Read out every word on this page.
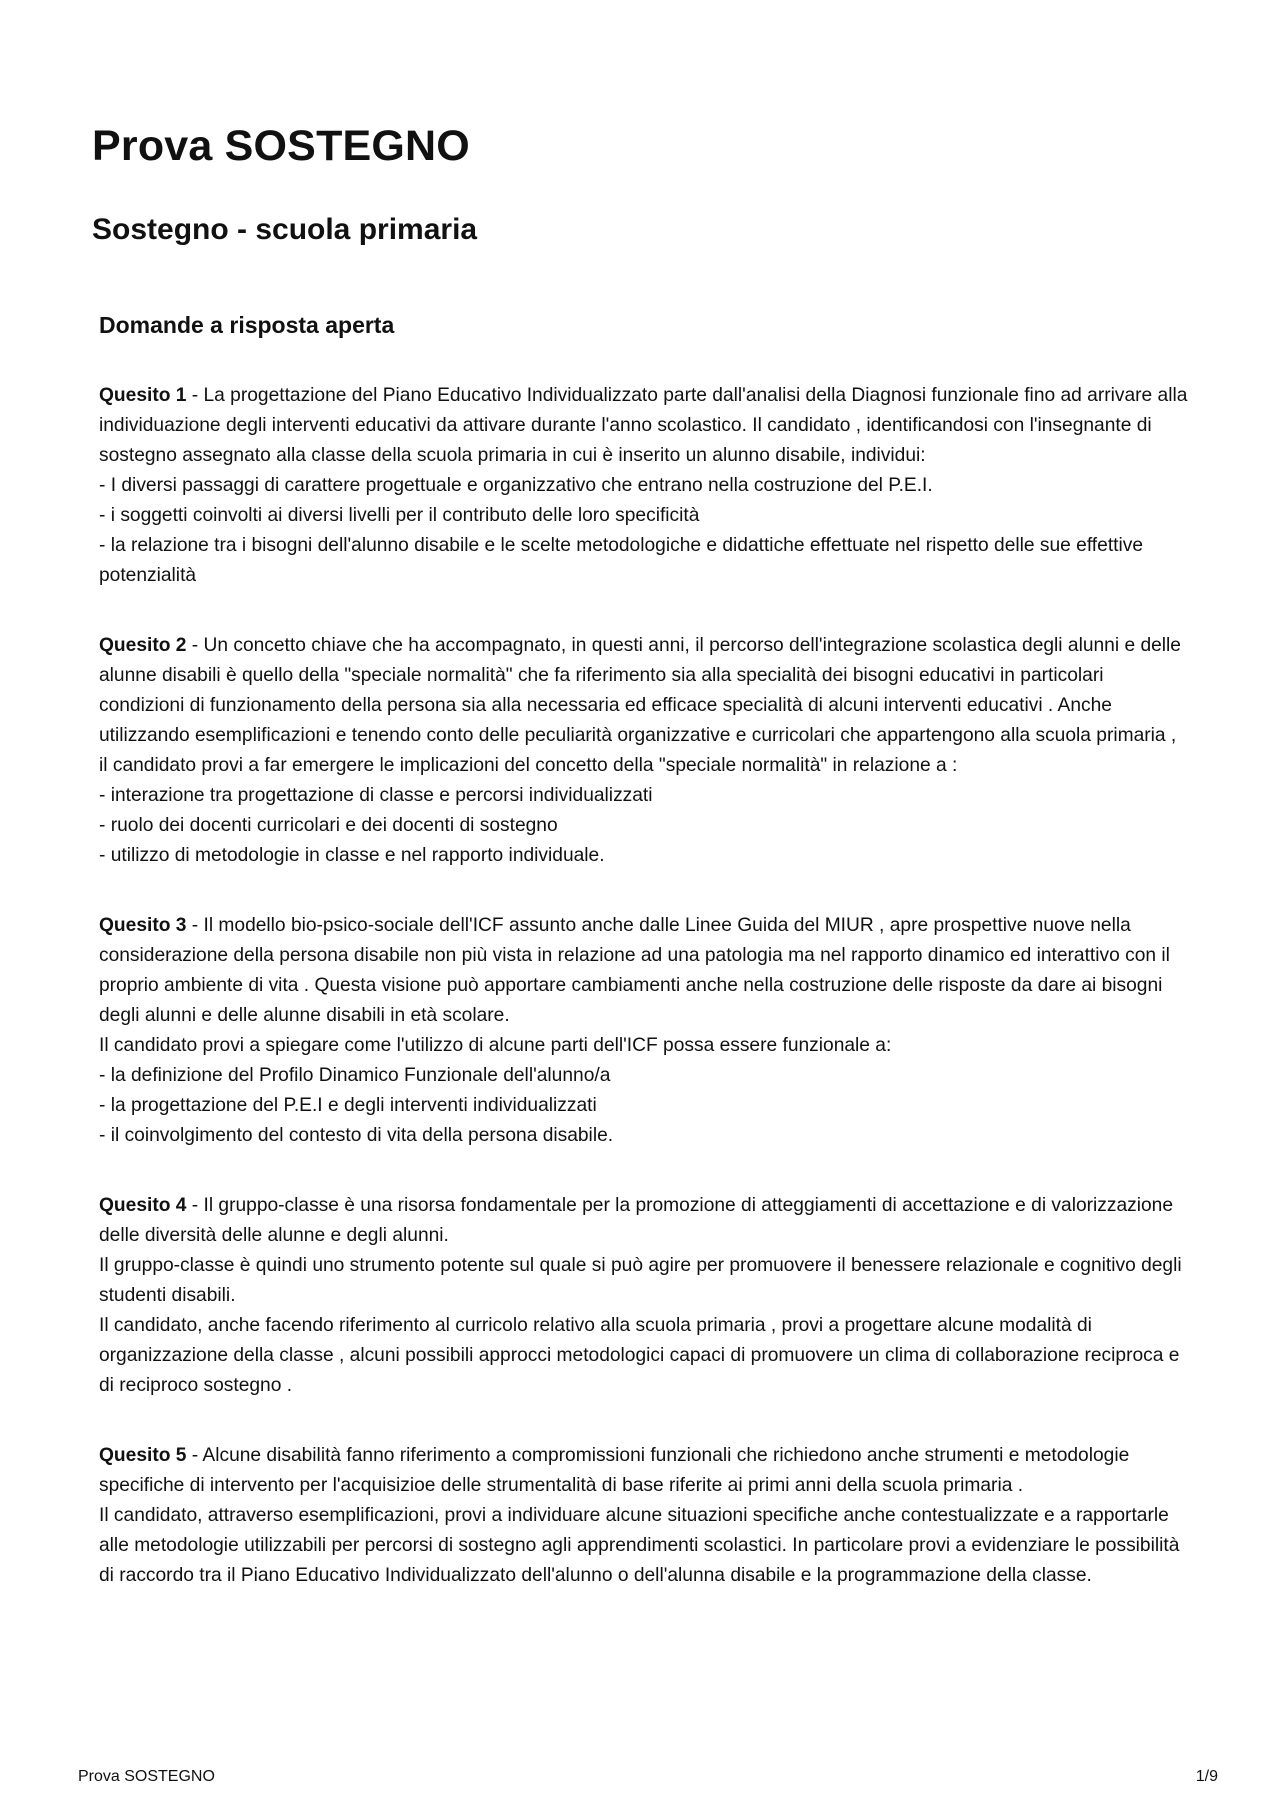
Prova SOSTEGNO
Sostegno - scuola primaria
Domande a risposta aperta
Quesito 1 - La progettazione del Piano Educativo Individualizzato parte dall'analisi della Diagnosi funzionale fino ad arrivare alla individuazione degli interventi educativi da attivare durante l'anno scolastico. Il candidato , identificandosi con l'insegnante di sostegno assegnato alla classe della scuola primaria in cui è inserito un alunno disabile, individui:
- I diversi passaggi di carattere progettuale e organizzativo che entrano nella costruzione del P.E.I.
- i soggetti coinvolti ai diversi livelli per il contributo delle loro specificità
- la relazione tra i bisogni dell'alunno disabile e le scelte metodologiche e didattiche effettuate nel rispetto delle sue effettive potenzialità
Quesito 2 - Un concetto chiave che ha accompagnato, in questi anni, il percorso dell'integrazione scolastica degli alunni e delle alunne disabili è quello della "speciale normalità" che fa riferimento sia alla specialità dei bisogni educativi in particolari condizioni di funzionamento della persona sia alla necessaria ed efficace specialità di alcuni interventi educativi . Anche utilizzando esemplificazioni e tenendo conto delle peculiarità organizzative e curricolari che appartengono alla scuola primaria , il candidato provi a far emergere le implicazioni del concetto della "speciale normalità" in relazione a :
- interazione tra progettazione di classe e percorsi individualizzati
- ruolo dei docenti curricolari e dei docenti di sostegno
- utilizzo di metodologie in classe e nel rapporto individuale.
Quesito 3 - Il modello bio-psico-sociale dell'ICF assunto anche dalle Linee Guida del MIUR , apre prospettive nuove nella considerazione della persona disabile non più vista in relazione ad una patologia ma nel rapporto dinamico ed interattivo con il proprio ambiente di vita . Questa visione può apportare cambiamenti anche nella costruzione delle risposte da dare ai bisogni degli alunni e delle alunne disabili in età scolare.
Il candidato provi a spiegare come l'utilizzo di alcune parti dell'ICF possa essere funzionale a:
- la definizione del Profilo Dinamico Funzionale dell'alunno/a
- la progettazione del P.E.I e degli interventi individualizzati
- il coinvolgimento del contesto di vita della persona disabile.
Quesito 4 - Il gruppo-classe è una risorsa fondamentale per la promozione di atteggiamenti di accettazione e di valorizzazione delle diversità delle alunne e degli alunni.
Il gruppo-classe è quindi uno strumento potente sul quale si può agire per promuovere il benessere relazionale e cognitivo degli studenti disabili.
Il candidato, anche facendo riferimento al curricolo relativo alla scuola primaria , provi a progettare alcune modalità di organizzazione della classe , alcuni possibili approcci metodologici capaci di promuovere un clima di collaborazione reciproca e di reciproco sostegno .
Quesito 5 - Alcune disabilità fanno riferimento a compromissioni funzionali che richiedono anche strumenti e metodologie specifiche di intervento per l'acquisizioe delle strumentalità di base riferite ai primi anni della scuola primaria .
Il candidato, attraverso esemplificazioni, provi a individuare alcune situazioni specifiche anche contestualizzate e a rapportarle alle metodologie utilizzabili per percorsi di sostegno agli apprendimenti scolastici. In particolare provi a evidenziare le possibilità di raccordo tra il Piano Educativo Individualizzato dell'alunno o dell'alunna disabile e la programmazione della classe.
Prova SOSTEGNO	1/9
